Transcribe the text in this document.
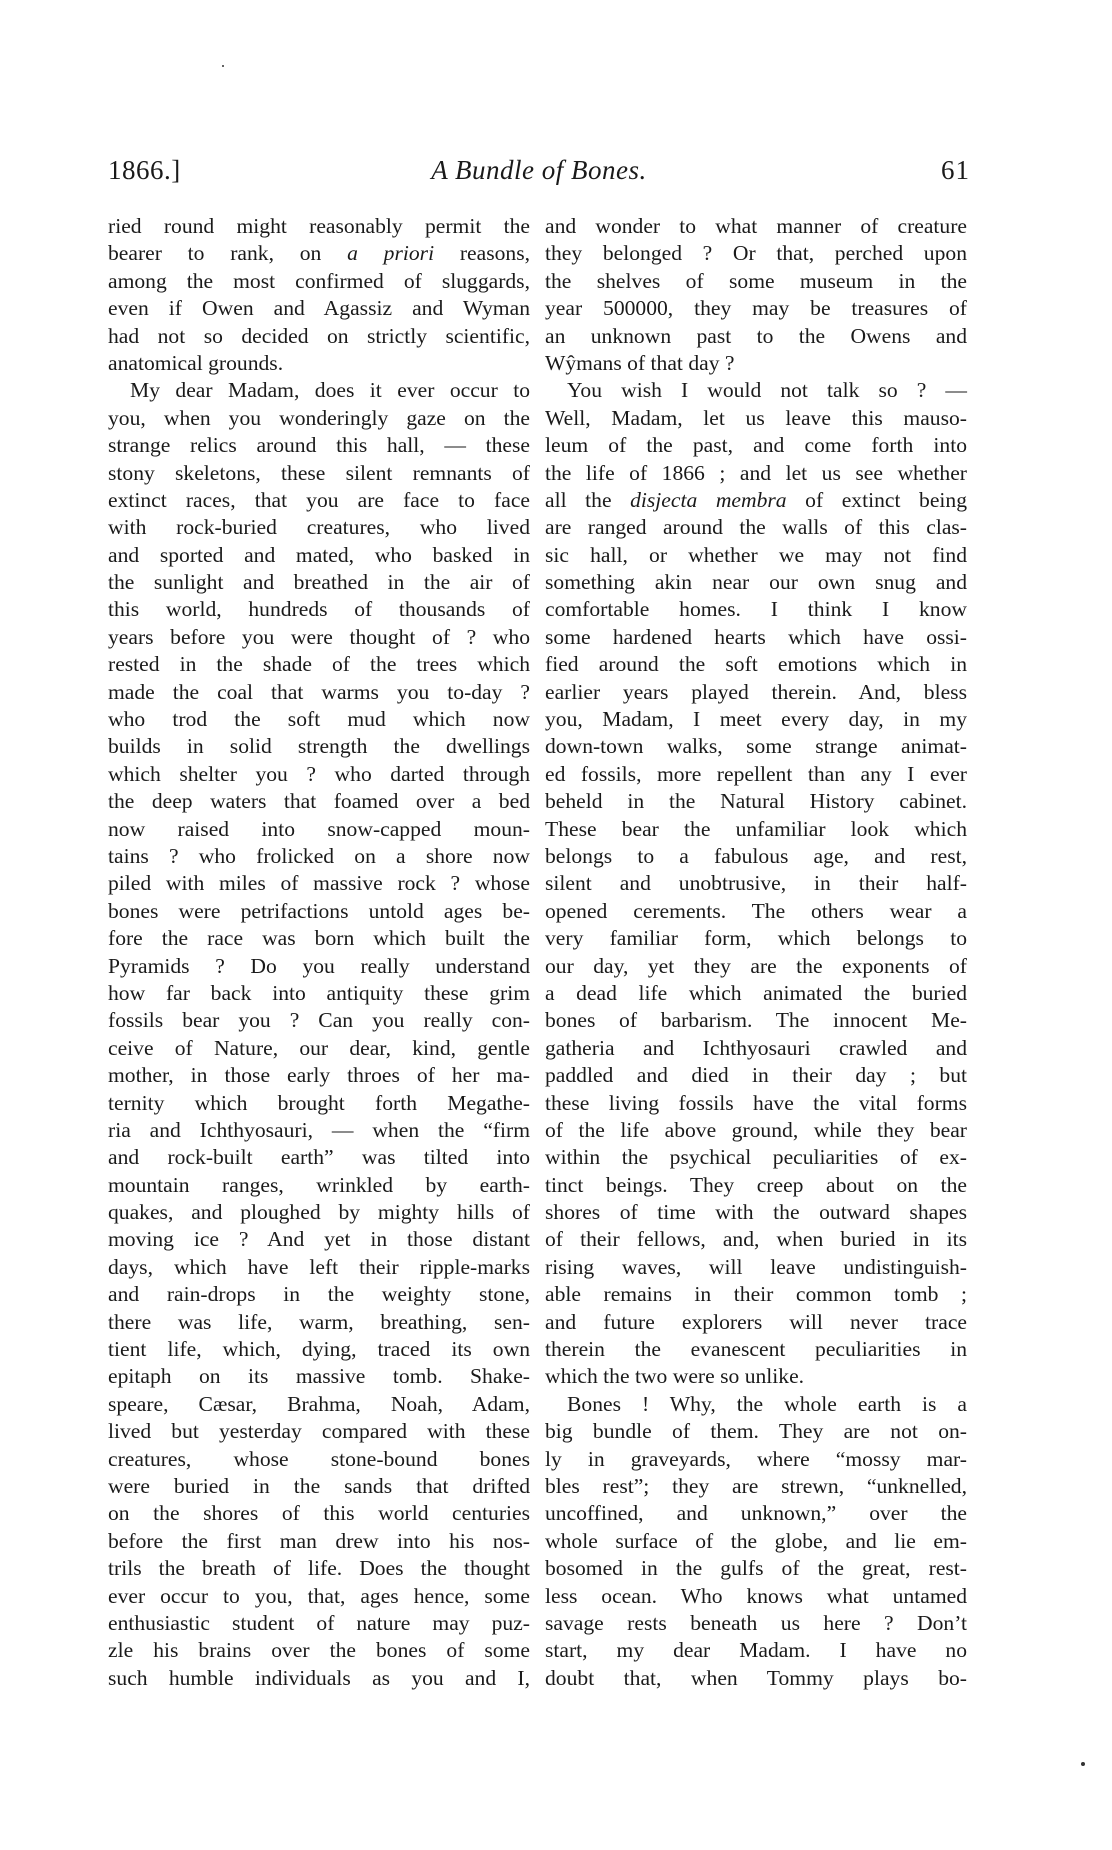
1866.]	A Bundle of Bones.	61
ried round might reasonably permit the
bearer to rank, on a priori reasons,
among the most confirmed of sluggards,
even if Owen and Agassiz and Wyman
had not so decided on strictly scientific,
anatomical grounds.
My dear Madam, does it ever occur to
you, when you wonderingly gaze on the
strange relics around this hall, — these
stony skeletons, these silent remnants of
extinct races, that you are face to face
with rock-buried creatures, who lived
and sported and mated, who basked in
the sunlight and breathed in the air of
this world, hundreds of thousands of
years before you were thought of ? who
rested in the shade of the trees which
made the coal that warms you to-day ?
who trod the soft mud which now
builds in solid strength the dwellings
which shelter you ? who darted through
the deep waters that foamed over a bed
now raised into snow-capped moun-
tains ? who frolicked on a shore now
piled with miles of massive rock ? whose
bones were petrifactions untold ages be-
fore the race was born which built the
Pyramids ? Do you really understand
how far back into antiquity these grim
fossils bear you ? Can you really con-
ceive of Nature, our dear, kind, gentle
mother, in those early throes of her ma-
ternity which brought forth Megathe-
ria and Ichthyosauri, — when the “firm
and rock-built earth” was tilted into
mountain ranges, wrinkled by earth-
quakes, and ploughed by mighty hills of
moving ice ? And yet in those distant
days, which have left their ripple-marks
and rain-drops in the weighty stone,
there was life, warm, breathing, sen-
tient life, which, dying, traced its own
epitaph on its massive tomb. Shake-
speare, Cæsar, Brahma, Noah, Adam,
lived but yesterday compared with these
creatures, whose stone-bound bones
were buried in the sands that drifted
on the shores of this world centuries
before the first man drew into his nos-
trils the breath of life. Does the thought
ever occur to you, that, ages hence, some
enthusiastic student of nature may puz-
zle his brains over the bones of some
such humble individuals as you and I,
and wonder to what manner of creature
they belonged ? Or that, perched upon
the shelves of some museum in the
year 500000, they may be treasures of
an unknown past to the Owens and
Wŷmans of that day ?
You wish I would not talk so ? —
Well, Madam, let us leave this mauso-
leum of the past, and come forth into
the life of 1866 ; and let us see whether
all the disjecta membra of extinct being
are ranged around the walls of this clas-
sic hall, or whether we may not find
something akin near our own snug and
comfortable homes. I think I know
some hardened hearts which have ossi-
fied around the soft emotions which in
earlier years played therein. And, bless
you, Madam, I meet every day, in my
down-town walks, some strange animat-
ed fossils, more repellent than any I ever
beheld in the Natural History cabinet.
These bear the unfamiliar look which
belongs to a fabulous age, and rest,
silent and unobtrusive, in their half-
opened cerements. The others wear a
very familiar form, which belongs to
our day, yet they are the exponents of
a dead life which animated the buried
bones of barbarism. The innocent Me-
gatheria and Ichthyosauri crawled and
paddled and died in their day ; but
these living fossils have the vital forms
of the life above ground, while they bear
within the psychical peculiarities of ex-
tinct beings. They creep about on the
shores of time with the outward shapes
of their fellows, and, when buried in its
rising waves, will leave undistinguish-
able remains in their common tomb ;
and future explorers will never trace
therein the evanescent peculiarities in
which the two were so unlike.
Bones ! Why, the whole earth is a
big bundle of them. They are not on-
ly in graveyards, where “mossy mar-
bles rest”; they are strewn, “unknelled,
uncoffined, and unknown,” over the
whole surface of the globe, and lie em-
bosomed in the gulfs of the great, rest-
less ocean. Who knows what untamed
savage rests beneath us here ? Don’t
start, my dear Madam. I have no
doubt that, when Tommy plays bo-
